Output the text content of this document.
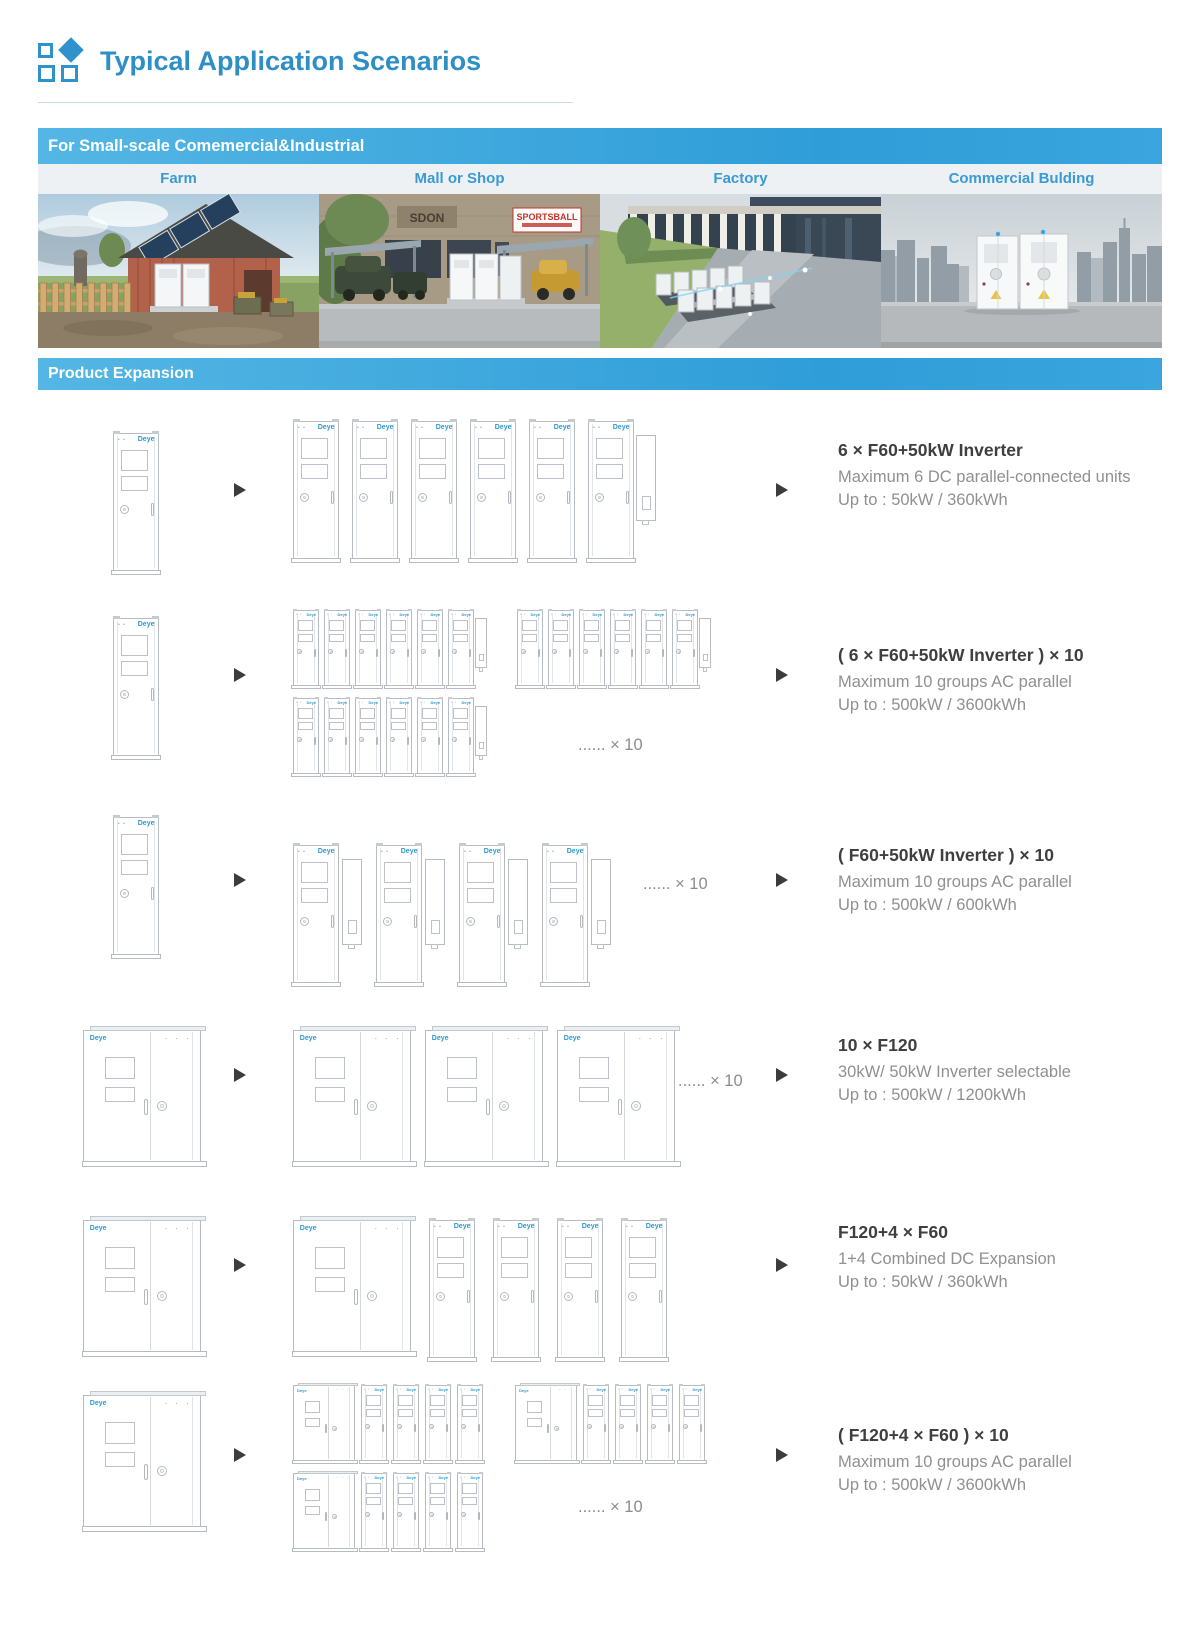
Typical Application Scenarios
For Small-scale Comemercial&Industrial
Farm	Mall or Shop	Factory	Commercial Bulding
SDON	SPORTSBALL
Product Expansion
• • Deye
• • Deye	• • Deye	• • Deye	• • Deye	• • Deye	• • Deye
6 × F60+50kW Inverter

Maximum 6 DC parallel-connected units

Up to : 50kW / 360kWh

• • Deye
• • Deye	• • Deye	• • Deye	• • Deye	• • Deye	• • Deye	• • Deye	• • Deye	• • Deye	• • Deye	• • Deye	• • Deye
• • Deye	• • Deye	• • Deye	• • Deye	• • Deye	• • Deye
...... × 10
( 6 × F60+50kW Inverter ) × 10

Maximum 10 groups AC parallel

Up to : 500kW / 3600kWh

• • Deye
• • Deye	• • Deye	• • Deye	• • Deye
...... × 10
( F60+50kW Inverter ) × 10

Maximum 10 groups AC parallel

Up to : 500kW / 600kWh

Deye	· · ·	Deye	· · ·	Deye	· · ·	Deye	· · ·
...... × 10
10 × F120

30kW/ 50kW Inverter selectable

Up to : 500kW / 1200kWh

Deye	· · ·	Deye	· · ·	• • Deye	• • Deye	• • Deye	• • Deye	F120+4 × F60

1+4 Combined DC Expansion

Up to : 50kW / 360kWh

Deye	· · ·
Deye	· · ·	• • Deye	• • Deye	• • Deye	• • Deye	Deye	· · ·	• • Deye	• • Deye	• • Deye	• • Deye
Deye	· · ·	• • Deye	• • Deye	• • Deye	• • Deye
...... × 10
( F120+4 × F60 ) × 10

Maximum 10 groups AC parallel

Up to : 500kW / 3600kWh
